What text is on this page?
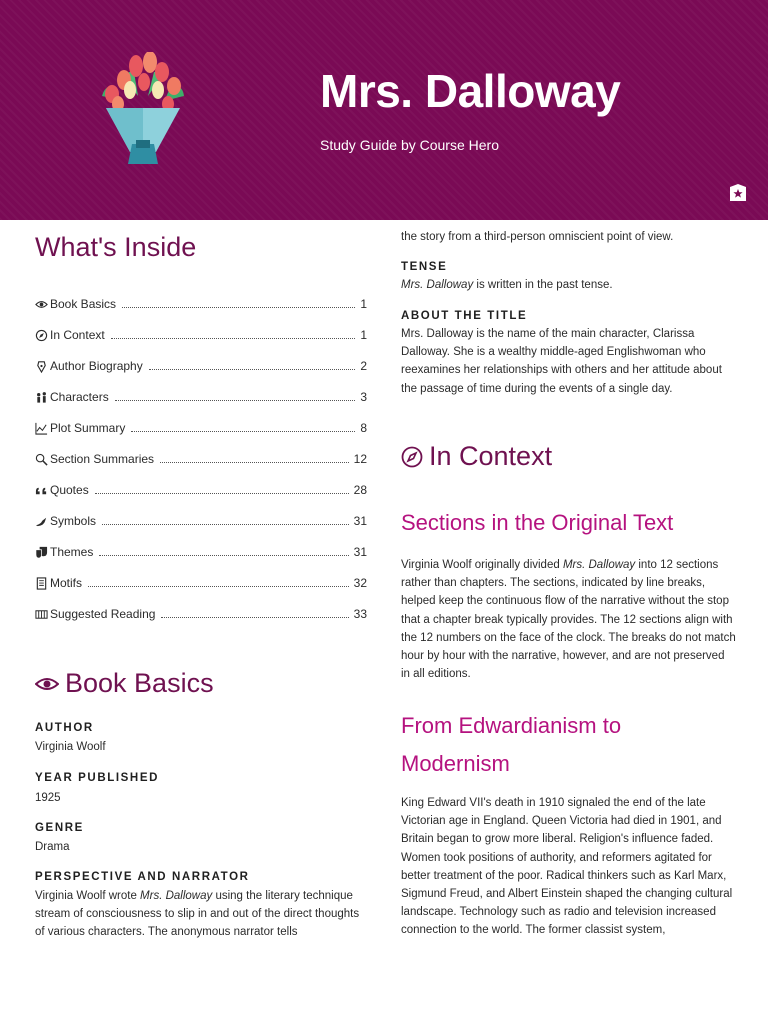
Mrs. Dalloway
Study Guide by Course Hero
What's Inside
Book Basics	1
In Context	1
Author Biography	2
Characters	3
Plot Summary	8
Section Summaries	12
Quotes	28
Symbols	31
Themes	31
Motifs	32
Suggested Reading	33
Book Basics
AUTHOR
Virginia Woolf
YEAR PUBLISHED
1925
GENRE
Drama
PERSPECTIVE AND NARRATOR
Virginia Woolf wrote Mrs. Dalloway using the literary technique stream of consciousness to slip in and out of the direct thoughts of various characters. The anonymous narrator tells
the story from a third-person omniscient point of view.
TENSE
Mrs. Dalloway is written in the past tense.
ABOUT THE TITLE
Mrs. Dalloway is the name of the main character, Clarissa Dalloway. She is a wealthy middle-aged Englishwoman who reexamines her relationships with others and her attitude about the passage of time during the events of a single day.
In Context
Sections in the Original Text
Virginia Woolf originally divided Mrs. Dalloway into 12 sections rather than chapters. The sections, indicated by line breaks, helped keep the continuous flow of the narrative without the stop that a chapter break typically provides. The 12 sections align with the 12 numbers on the face of the clock. The breaks do not match hour by hour with the narrative, however, and are not preserved in all editions.
From Edwardianism to
Modernism
King Edward VII's death in 1910 signaled the end of the late Victorian age in England. Queen Victoria had died in 1901, and Britain began to grow more liberal. Religion's influence faded. Women took positions of authority, and reformers agitated for better treatment of the poor. Radical thinkers such as Karl Marx, Sigmund Freud, and Albert Einstein shaped the changing cultural landscape. Technology such as radio and television increased connection to the world. The former classist system,
